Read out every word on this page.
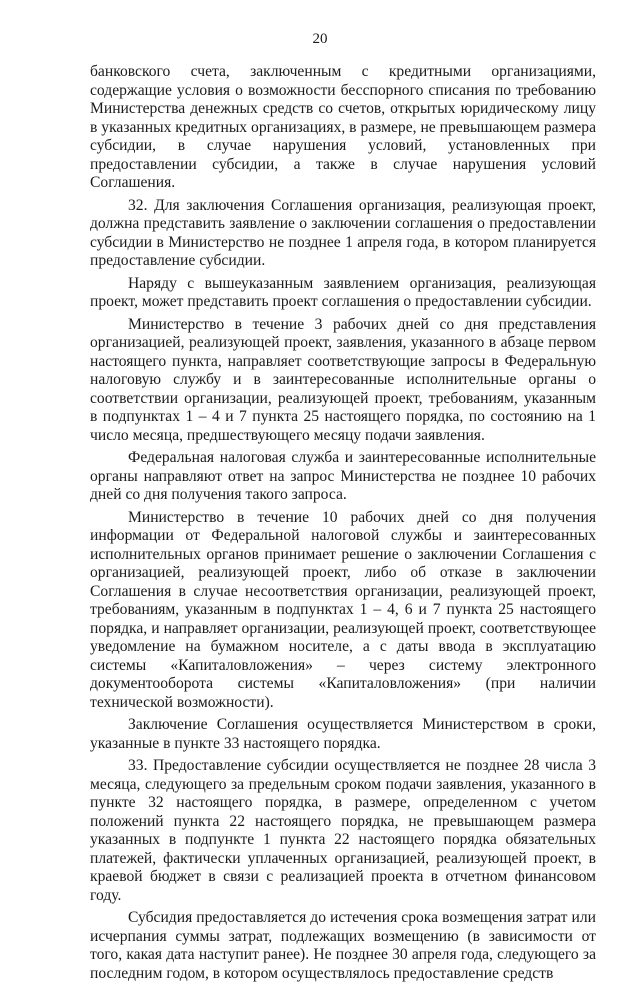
20

банковского счета, заключенным с кредитными организациями, содержащие условия о возможности бесспорного списания по требованию Министерства денежных средств со счетов, открытых юридическому лицу в указанных кредитных организациях, в размере, не превышающем размера субсидии, в случае нарушения условий, установленных при предоставлении субсидии, а также в случае нарушения условий Соглашения.

32. Для заключения Соглашения организация, реализующая проект, должна представить заявление о заключении соглашения о предоставлении субсидии в Министерство не позднее 1 апреля года, в котором планируется предоставление субсидии.

Наряду с вышеуказанным заявлением организация, реализующая проект, может представить проект соглашения о предоставлении субсидии.

Министерство в течение 3 рабочих дней со дня представления организацией, реализующей проект, заявления, указанного в абзаце первом настоящего пункта, направляет соответствующие запросы в Федеральную налоговую службу и в заинтересованные исполнительные органы о соответствии организации, реализующей проект, требованиям, указанным в подпунктах 1 – 4 и 7 пункта 25 настоящего порядка, по состоянию на 1 число месяца, предшествующего месяцу подачи заявления.

Федеральная налоговая служба и заинтересованные исполнительные органы направляют ответ на запрос Министерства не позднее 10 рабочих дней со дня получения такого запроса.

Министерство в течение 10 рабочих дней со дня получения информации от Федеральной налоговой службы и заинтересованных исполнительных органов принимает решение о заключении Соглашения с организацией, реализующей проект, либо об отказе в заключении Соглашения в случае несоответствия организации, реализующей проект, требованиям, указанным в подпунктах 1 – 4, 6 и 7 пункта 25 настоящего порядка, и направляет организации, реализующей проект, соответствующее уведомление на бумажном носителе, а с даты ввода в эксплуатацию системы «Капиталовложения» – через систему электронного документооборота системы «Капиталовложения» (при наличии технической возможности).

Заключение Соглашения осуществляется Министерством в сроки, указанные в пункте 33 настоящего порядка.

33. Предоставление субсидии осуществляется не позднее 28 числа 3 месяца, следующего за предельным сроком подачи заявления, указанного в пункте 32 настоящего порядка, в размере, определенном с учетом положений пункта 22 настоящего порядка, не превышающем размера указанных в подпункте 1 пункта 22 настоящего порядка обязательных платежей, фактически уплаченных организацией, реализующей проект, в краевой бюджет в связи с реализацией проекта в отчетном финансовом году.

Субсидия предоставляется до истечения срока возмещения затрат или исчерпания суммы затрат, подлежащих возмещению (в зависимости от того, какая дата наступит ранее). Не позднее 30 апреля года, следующего за последним годом, в котором осуществлялось предоставление средств
